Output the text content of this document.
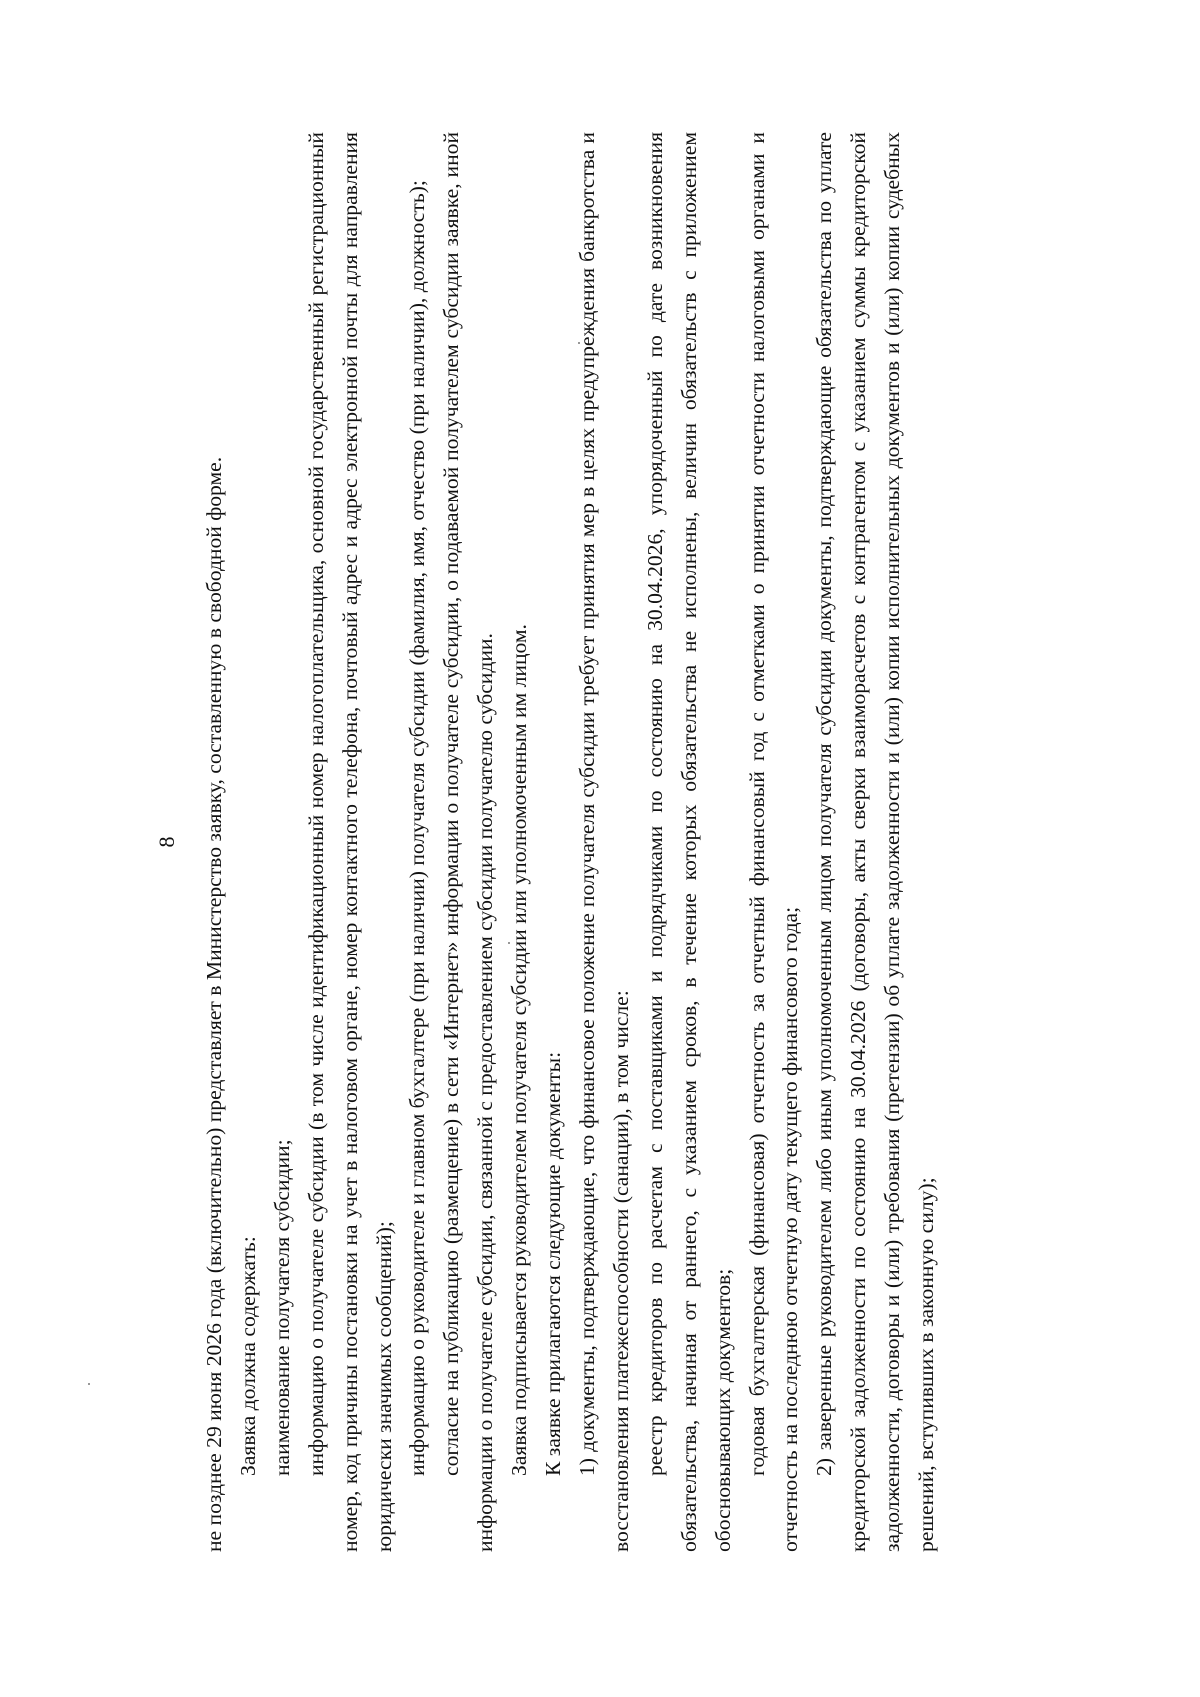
8 не позднее 29 июня 2026 года (включительно) представляет в Министерство заявку, составленную в свободной форме. Заявка должна содержать: наименование получателя субсидии; информацию о получателе субсидии (в том числе идентификационный номер налогоплательщика, основной государственный регистрационный номер, код причины постановки на учет в налоговом органе, номер контактного телефона, почтовый адрес и адрес электронной почты для направления юридически значимых сообщений); информацию о руководителе и главном бухгалтере (при наличии) получателя субсидии (фамилия, имя, отчество (при наличии), должность); согласие на публикацию (размещение) в сети «Интернет» информации о получателе субсидии, о подаваемой получателем субсидии заявке, иной информации о получателе субсидии, связанной с предоставлением субсидии получателю субсидии. Заявка подписывается руководителем получателя субсидии или уполномоченным им лицом. К заявке прилагаются следующие документы: 1) документы, подтверждающие, что финансовое положение получателя субсидии требует принятия мер в целях предупреждения банкротства и восстановления платежеспособности (санации), в том числе: реестр кредиторов по расчетам с поставщиками и подрядчиками по состоянию на 30.04.2026, упорядоченный по дате возникновения обязательства, начиная от раннего, с указанием сроков, в течение которых обязательства не исполнены, величин обязательств с приложением обосновывающих документов; годовая бухгалтерская (финансовая) отчетность за отчетный финансовый год с отметками о принятии отчетности налоговыми органами и отчетность на последнюю отчетную дату текущего финансового года; 2) заверенные руководителем либо иным уполномоченным лицом получателя субсидии документы, подтверждающие обязательства по уплате кредиторской задолженности по состоянию на 30.04.2026 (договоры, акты сверки взаиморасчетов с контрагентом с указанием суммы кредиторской задолженности, договоры и (или) требования (претензии) об уплате задолженности и (или) копии исполнительных документов и (или) копии судебных решений, вступивших в законную силу);
